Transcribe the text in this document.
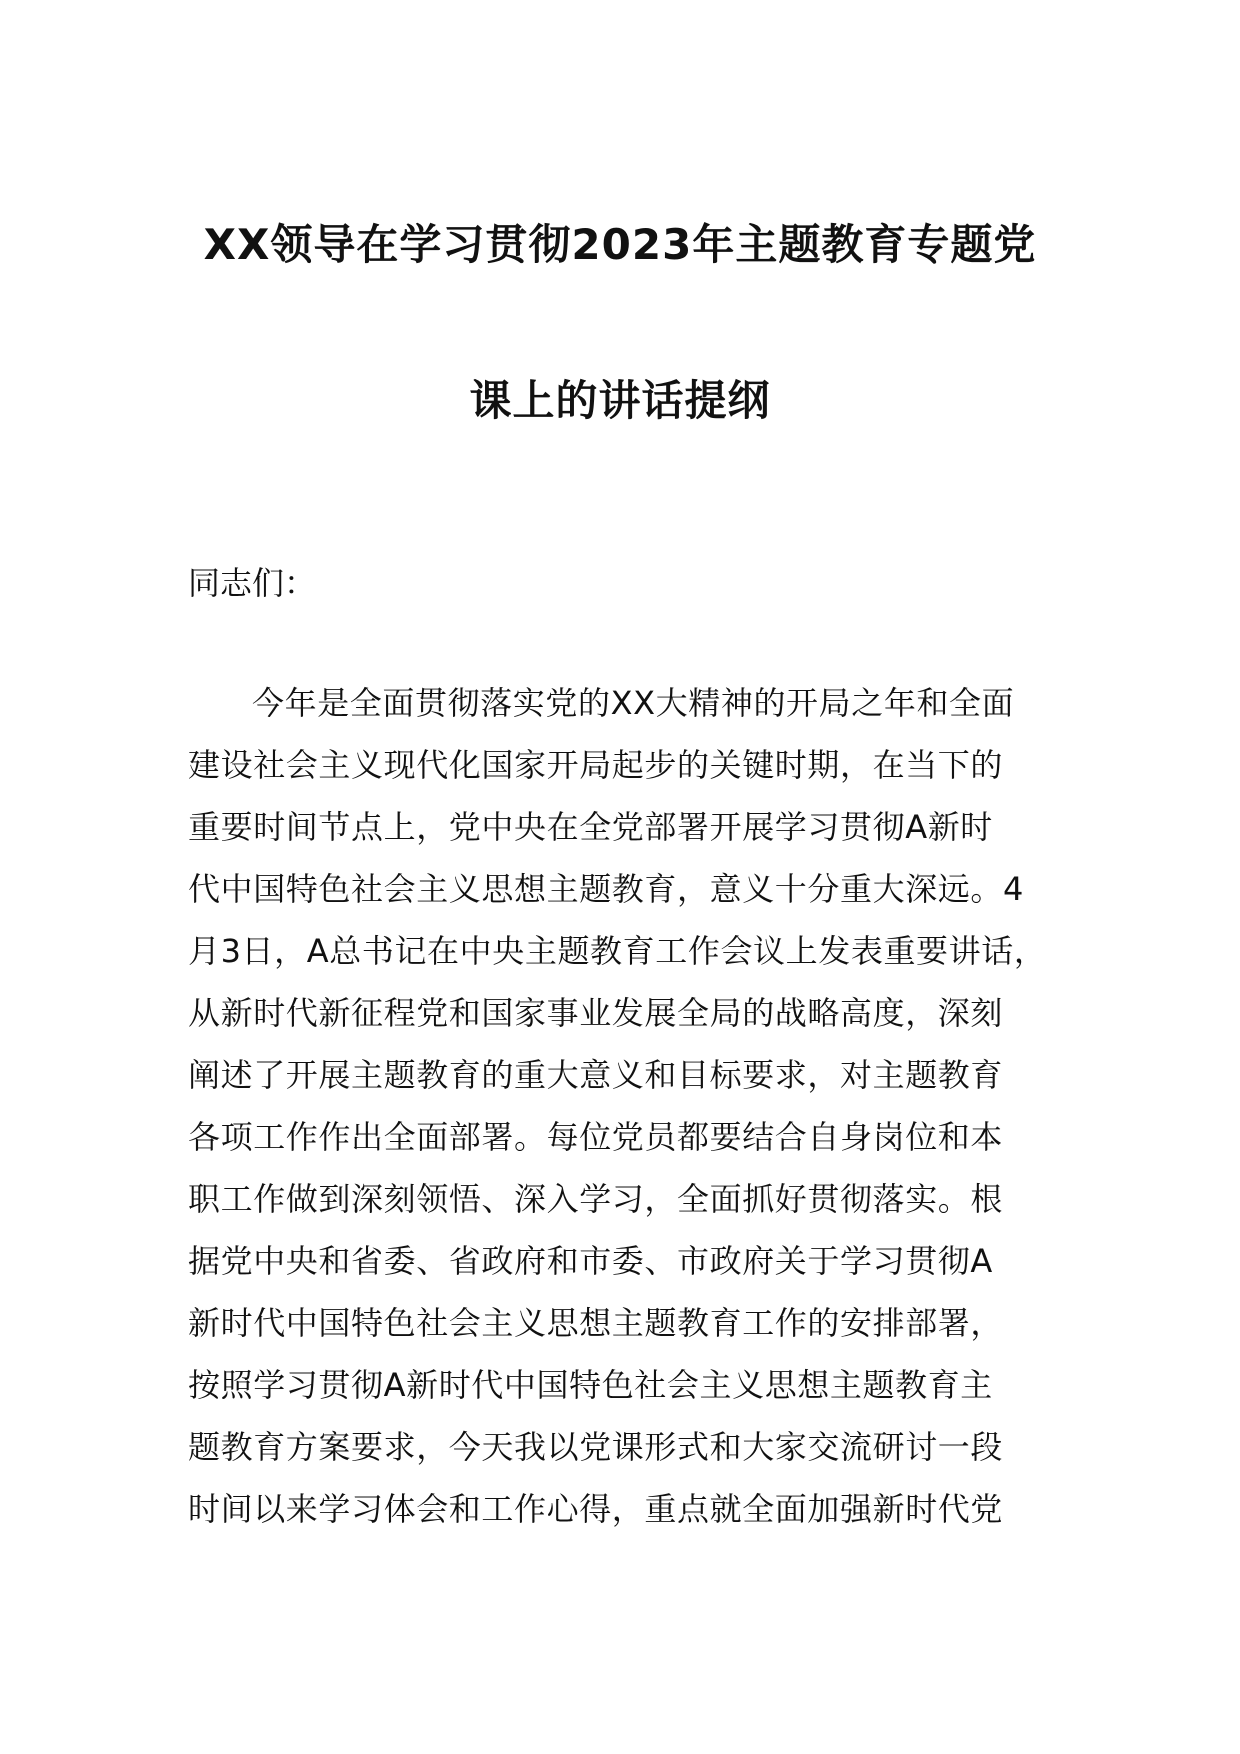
XX领导在学习贯彻2023年主题教育专题党
课上的讲话提纲
同志们：
今年是全面贯彻落实党的XX大精神的开局之年和全面
建设社会主义现代化国家开局起步的关键时期，在当下的
重要时间节点上，党中央在全党部署开展学习贯彻A新时
代中国特色社会主义思想主题教育，意义十分重大深远。4
月3日，A总书记在中央主题教育工作会议上发表重要讲话，
从新时代新征程党和国家事业发展全局的战略高度，深刻
阐述了开展主题教育的重大意义和目标要求，对主题教育
各项工作作出全面部署。每位党员都要结合自身岗位和本
职工作做到深刻领悟、深入学习，全面抓好贯彻落实。根
据党中央和省委、省政府和市委、市政府关于学习贯彻A
新时代中国特色社会主义思想主题教育工作的安排部署，
按照学习贯彻A新时代中国特色社会主义思想主题教育主
题教育方案要求，今天我以党课形式和大家交流研讨一段
时间以来学习体会和工作心得，重点就全面加强新时代党
